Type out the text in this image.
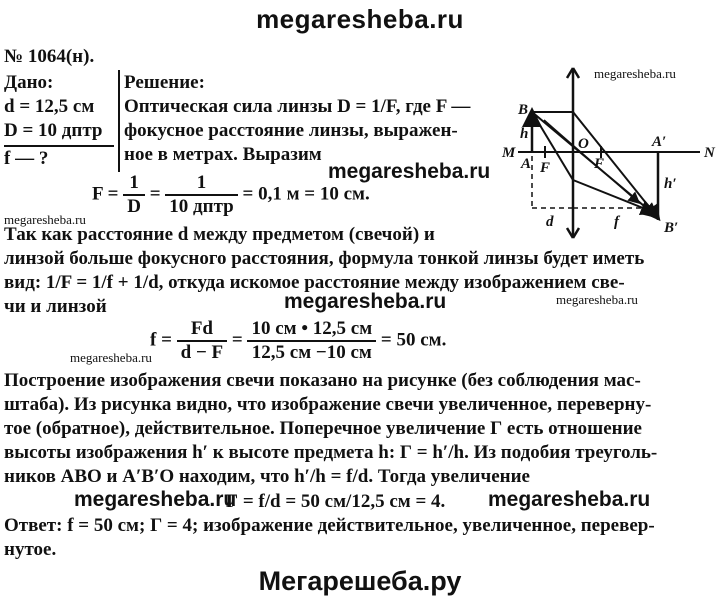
megaresheba.ru
№ 1064(н).
Дано:
d = 12,5 см
D = 10 дптр
f — ?
Решение:
Оптическая сила линзы D = 1/F, где F —
фокусное расстояние линзы, выражен-
ное в метрах. Выразим
megaresheba.ru
megaresheba.ru
$F = \frac{1}{D} = \frac{1}{\text{10 дптр}} = 0,1$ м = 10 см.
megaresheba.ru
Так как расстояние d между предметом (свечой) и
линзой больше фокусного расстояния, формула тонкой линзы будет иметь
вид: 1/F = 1/f + 1/d, откуда искомое расстояние между изображением све-
чи и линзой	megaresheba.ru	megaresheba.ru
$f = \frac{Fd}{d - F} = \frac{10 см • 12,5 см}{12,5 см -10 см} = 50$ см.
megaresheba.ru
Построение изображения свечи показано на рисунке (без соблюдения мас-
штаба). Из рисунка видно, что изображение свечи увеличенное, переверну-
тое (обратное), действительное. Поперечное увеличение Г есть отношение
высоты изображения h′ к высоте предмета h: Г = h′/h. Из подобия треуголь-
ников ABO и A′B′O находим, что h′/h = f/d. Тогда увеличение
megaresheba.ru
Г = f/d = 50 см/12,5 см = 4. megaresheba.ru
Ответ: f = 50 см; Г = 4; изображение действительное, увеличенное, перевер-
нутое.
Мегарешеба.ру
B
h
M
A F
O
F
A′
N
h′
B′
d	f
